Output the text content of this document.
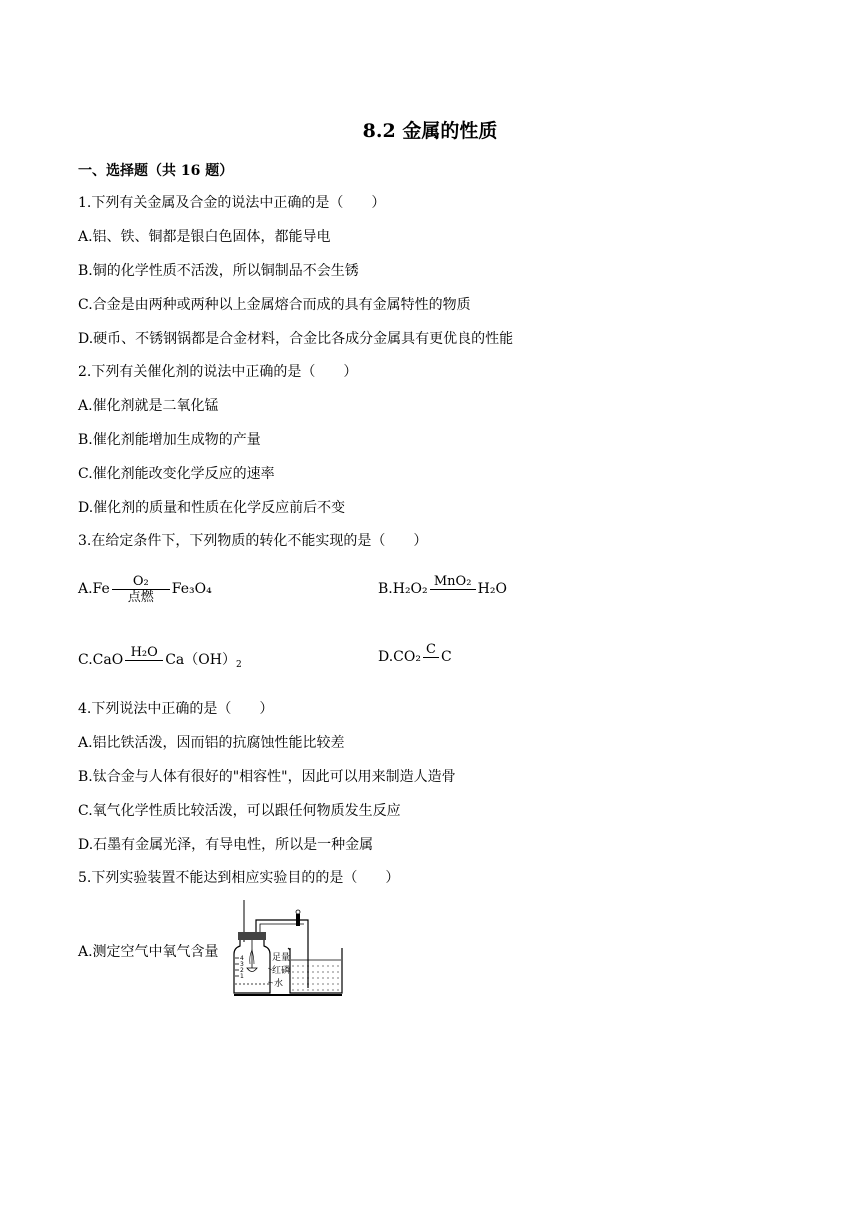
8.2 金属的性质
一、选择题（共 16 题）
1.下列有关金属及合金的说法中正确的是（　　）
A.铝、铁、铜都是银白色固体，都能导电
B.铜的化学性质不活泼，所以铜制品不会生锈
C.合金是由两种或两种以上金属熔合而成的具有金属特性的物质
D.硬币、不锈钢锅都是合金材料，合金比各成分金属具有更优良的性能
2.下列有关催化剂的说法中正确的是（　　）
A.催化剂就是二氧化锰
B.催化剂能增加生成物的产量
C.催化剂能改变化学反应的速率
D.催化剂的质量和性质在化学反应前后不变
3.在给定条件下，下列物质的转化不能实现的是（　　）
A.Fe	O₂
点燃	Fe₃O₄	B.H₂O₂ MnO₂ H₂O
C.CaO H₂O $Ca(OH)_2$	D.CO₂ C C
4.下列说法中正确的是（　　）
A.铝比铁活泼，因而铝的抗腐蚀性能比较差
B.钛合金与人体有很好的"相容性"，因此可以用来制造人造骨
C.氧气化学性质比较活泼，可以跟任何物质发生反应
D.石墨有金属光泽，有导电性，所以是一种金属
5.下列实验装置不能达到相应实验目的的是（　　）
A.测定空气中氧气含量	4
3
2
1
足量
红磷
水
